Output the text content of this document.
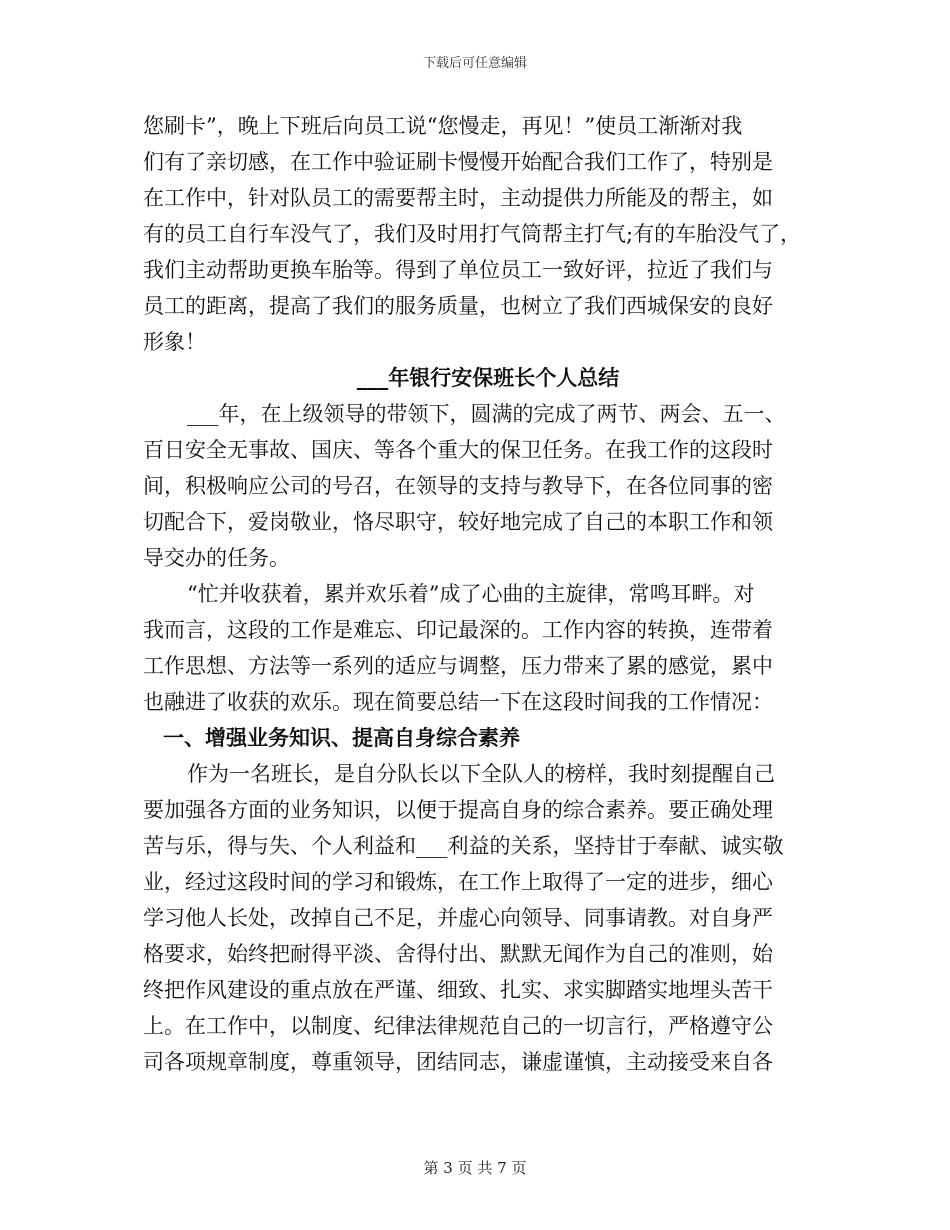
下载后可任意编辑
您刷卡”，晚上下班后向员工说“您慢走，再见！”使员工渐渐对我
们有了亲切感，在工作中验证刷卡慢慢开始配合我们工作了，特别是
在工作中，针对队员工的需要帮主时，主动提供力所能及的帮主，如
有的员工自行车没气了，我们及时用打气筒帮主打气;有的车胎没气了，
我们主动帮助更换车胎等。得到了单位员工一致好评，拉近了我们与
员工的距离，提高了我们的服务质量，也树立了我们西城保安的良好
形象！
___年银行安保班长个人总结
___年，在上级领导的带领下，圆满的完成了两节、两会、五一、
百日安全无事故、国庆、等各个重大的保卫任务。在我工作的这段时
间，积极响应公司的号召，在领导的支持与教导下，在各位同事的密
切配合下，爱岗敬业，恪尽职守，较好地完成了自己的本职工作和领
导交办的任务。
“忙并收获着，累并欢乐着”成了心曲的主旋律，常鸣耳畔。对
我而言，这段的工作是难忘、印记最深的。工作内容的转换，连带着
工作思想、方法等一系列的适应与调整，压力带来了累的感觉，累中
也融进了收获的欢乐。现在简要总结一下在这段时间我的工作情况：
一、增强业务知识、提高自身综合素养
作为一名班长，是自分队长以下全队人的榜样，我时刻提醒自己
要加强各方面的业务知识，以便于提高自身的综合素养。要正确处理
苦与乐，得与失、个人利益和___利益的关系，坚持甘于奉献、诚实敬
业，经过这段时间的学习和锻炼，在工作上取得了一定的进步，细心
学习他人长处，改掉自己不足，并虚心向领导、同事请教。对自身严
格要求，始终把耐得平淡、舍得付出、默默无闻作为自己的准则，始
终把作风建设的重点放在严谨、细致、扎实、求实脚踏实地埋头苦干
上。在工作中，以制度、纪律法律规范自己的一切言行，严格遵守公
司各项规章制度，尊重领导，团结同志，谦虚谨慎，主动接受来自各
第 3 页 共 7 页
